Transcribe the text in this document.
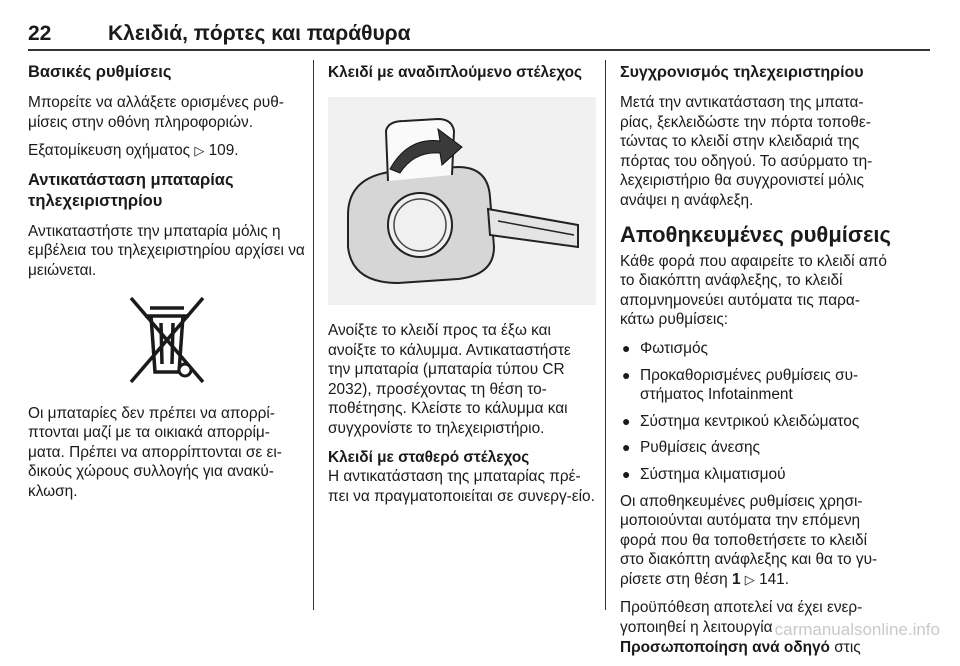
22	Κλειδιά, πόρτες και παράθυρα
Βασικές ρυθμίσεις

Μπορείτε να αλλάξετε ορισμένες ρυθ-μίσεις στην οθόνη πληροφοριών.

Εξατομίκευση οχήματος ▷ 109.

Αντικατάσταση μπαταρίας
τηλεχειριστηρίου

Αντικαταστήστε την μπαταρία μόλις η εμβέλεια του τηλεχειριστηρίου αρχίσει να μειώνεται.

Οι μπαταρίες δεν πρέπει να απορρί-πτονται μαζί με τα οικιακά απορρίμ-ματα. Πρέπει να απορρίπτονται σε ει-δικούς χώρους συλλογής για ανακύ-κλωση.

Κλειδί με αναδιπλούμενο στέλεχος

Ανοίξτε το κλειδί προς τα έξω και ανοίξτε το κάλυμμα. Αντικαταστήστε την μπαταρία (μπαταρία τύπου CR 2032), προσέχοντας τη θέση το-ποθέτησης. Κλείστε το κάλυμμα και συγχρονίστε το τηλεχειριστήριο.

Κλειδί με σταθερό στέλεχος

Η αντικατάσταση της μπαταρίας πρέ-πει να πραγματοποιείται σε συνεργ-είο.

Συγχρονισμός τηλεχειριστηρίου

Μετά την αντικατάσταση της μπατα-ρίας, ξεκλειδώστε την πόρτα τοποθε-τώντας το κλειδί στην κλειδαριά της πόρτας του οδηγού. Το ασύρματο τη-λεχειριστήριο θα συγχρονιστεί μόλις ανάψει η ανάφλεξη.

Αποθηκευμένες ρυθμίσεις

Κάθε φορά που αφαιρείτε το κλειδί από το διακόπτη ανάφλεξης, το κλειδί απομνημονεύει αυτόματα τις παρα-κάτω ρυθμίσεις:

● Φωτισμός
● Προκαθορισμένες ρυθμίσεις συ-στήματος Infotainment
● Σύστημα κεντρικού κλειδώματος
● Ρυθμίσεις άνεσης
● Σύστημα κλιματισμού

Οι αποθηκευμένες ρυθμίσεις χρησι-μοποιούνται αυτόματα την επόμενη φορά που θα τοποθετήσετε το κλειδί στο διακόπτη ανάφλεξης και θα το γυ-ρίσετε στη θέση 1 ▷ 141.

Προϋπόθεση αποτελεί να έχει ενερ-γοποιηθεί η λειτουργία

Προσωποποίηση ανά οδηγό στις

carmanualsonline.info
